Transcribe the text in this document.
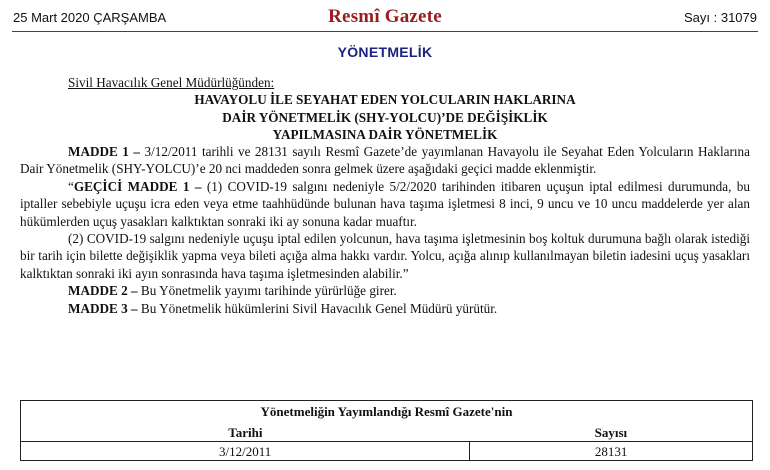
25 Mart 2020 ÇARŞAMBA	Resmî Gazete	Sayı : 31079
YÖNETMELİK
Sivil Havacılık Genel Müdürlüğünden:
HAVAYOLU İLE SEYAHAT EDEN YOLCULARIN HAKLARINA
DAİR YÖNETMELİK (SHY-YOLCU)’DE DEĞİŞİKLİK
YAPILMASINA DAİR YÖNETMELİK

MADDE 1 – 3/12/2011 tarihli ve 28131 sayılı Resmî Gazete’de yayımlanan Havayolu ile Seyahat Eden Yolcuların Haklarına Dair Yönetmelik (SHY-YOLCU)’e 20 nci maddeden sonra gelmek üzere aşağıdaki geçici madde eklenmiştir.

“GEÇİCİ MADDE 1 – (1) COVID-19 salgını nedeniyle 5/2/2020 tarihinden itibaren uçuşun iptal edilmesi durumunda, bu iptaller sebebiyle uçuşu icra eden veya etme taahhüdünde bulunan hava taşıma işletmesi 8 inci, 9 uncu ve 10 uncu maddelerde yer alan hükümlerden uçuş yasakları kalktıktan sonraki iki ay sonuna kadar muaftır.

(2) COVID-19 salgını nedeniyle uçuşu iptal edilen yolcunun, hava taşıma işletmesinin boş koltuk durumuna bağlı olarak istediği bir tarih için bilette değişiklik yapma veya bileti açığa alma hakkı vardır. Yolcu, açığa alınıp kullanılmayan biletin iadesini uçuş yasakları kalktıktan sonraki iki ayın sonrasında hava taşıma işletmesinden alabilir.”

MADDE 2 – Bu Yönetmelik yayımı tarihinde yürürlüğe girer.

MADDE 3 – Bu Yönetmelik hükümlerini Sivil Havacılık Genel Müdürü yürütür.

Yönetmeliğin Yayımlandığı Resmî Gazete'nin	
Tarihi	Sayısı
3/12/2011	28131
